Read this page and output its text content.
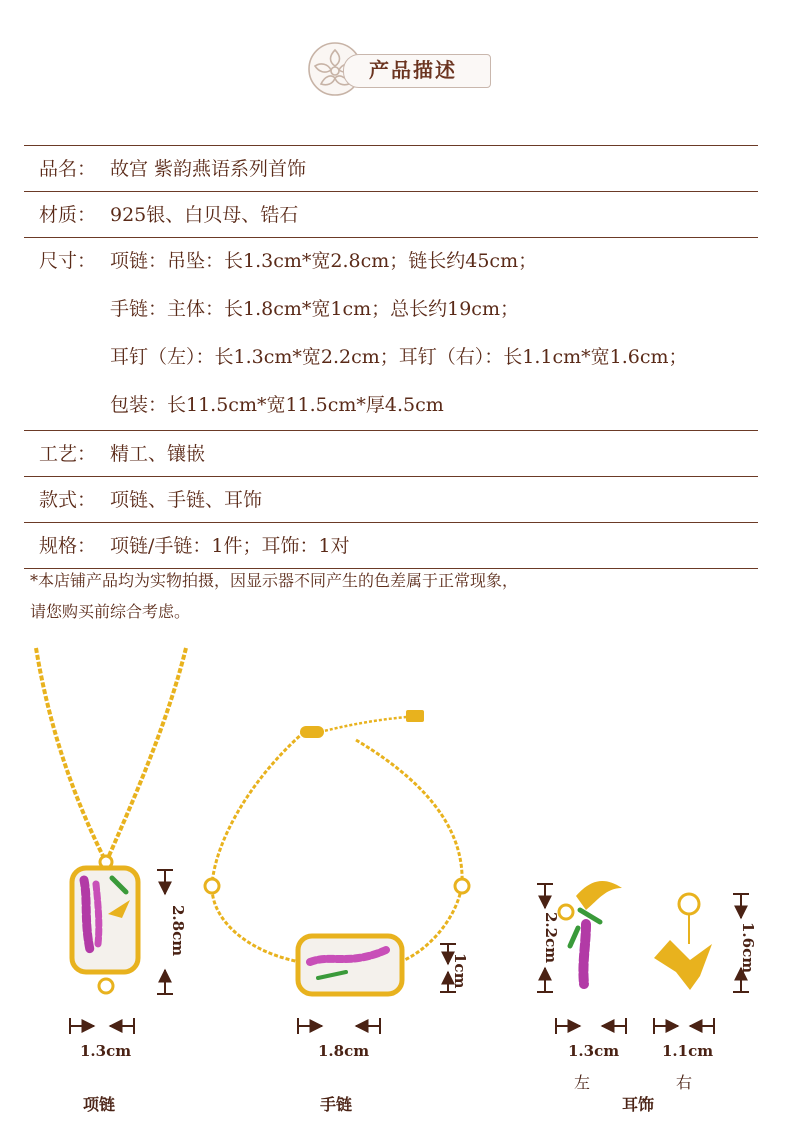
产品描述
品名： 故宫 紫韵燕语系列首饰
材质： 925银、白贝母、锆石
尺寸： 项链：吊坠：长1.3cm*宽2.8cm；链长约45cm；
手链：主体：长1.8cm*宽1cm；总长约19cm；
耳钉（左）：长1.3cm*宽2.2cm；耳钉（右）：长1.1cm*宽1.6cm；
包装：长11.5cm*宽11.5cm*厚4.5cm
工艺： 精工、镶嵌
款式： 项链、手链、耳饰
规格： 项链/手链：1件；耳饰：1对
*本店铺产品均为实物拍摄，因显示器不同产生的色差属于正常现象，
请您购买前综合考虑。
2.8cm
1.3cm
1cm
1.8cm
2.2cm
1.3cm
1.6cm
1.1cm
左	右
项链	手链	耳饰
